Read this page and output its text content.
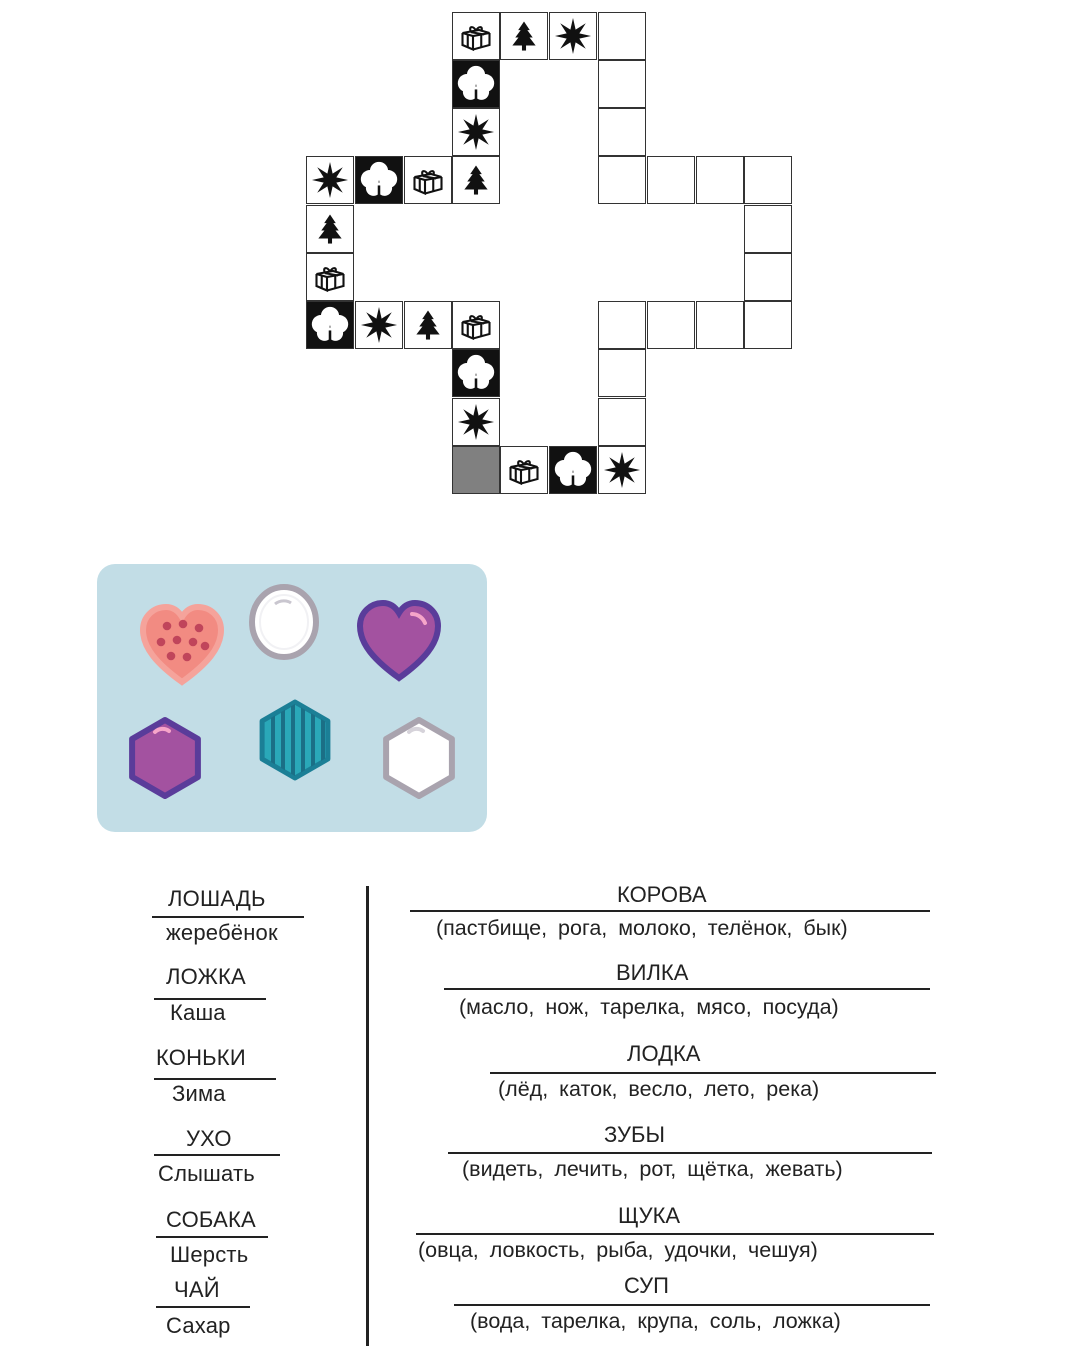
ЛОШАДЬ
жеребёнок
ЛОЖКА
Каша
КОНЬКИ
Зима
УХО
Слышать
СОБАКА
Шерсть
ЧАЙ
Сахар
КОРОВА
(пастбище, рога, молоко, телёнок, бык)
ВИЛКА
(масло, нож, тарелка, мясо, посуда)
ЛОДКА
(лёд, каток, весло, лето, река)
ЗУБЫ
(видеть, лечить, рот, щётка, жевать)
ЩУКА
(овца, ловкость, рыба, удочки, чешуя)
СУП
(вода, тарелка, крупа, соль, ложка)
